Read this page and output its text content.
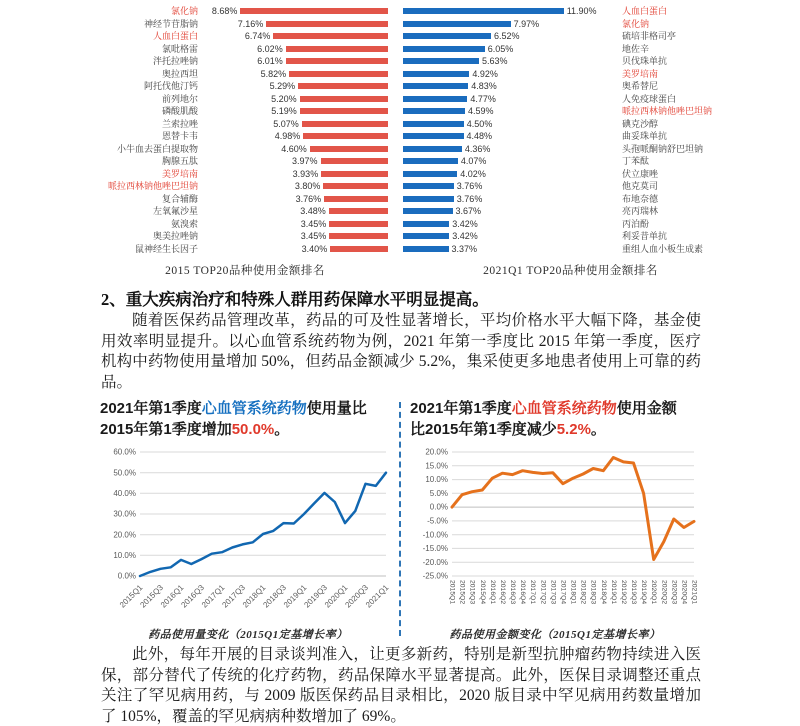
氯化钠	8.68%
神经节苷脂钠	7.16%
人血白蛋白	6.74%
氯吡格雷	6.02%
泮托拉唑钠	6.01%
奥拉西坦	5.82%
阿托伐他汀钙	5.29%
前列地尔	5.20%
磷酸肌酸	5.19%
兰索拉唑	5.07%
恩替卡韦	4.98%
小牛血去蛋白提取物	4.60%
胸腺五肽	3.97%
美罗培南	3.93%
哌拉西林钠他唑巴坦钠	3.80%
复合辅酶	3.76%
左氧氟沙星	3.48%
氨溴索	3.45%
奥美拉唑钠	3.45%
鼠神经生长因子	3.40%
11.90%	人血白蛋白
7.97%	氯化钠
6.52%	硫培非格司亭
6.05%	地佐辛
5.63%	贝伐珠单抗
4.92%	美罗培南
4.83%	奥希替尼
4.77%	人免疫球蛋白
4.59%	哌拉西林钠他唑巴坦钠
4.50%	碘克沙醇
4.48%	曲妥珠单抗
4.36%	头孢哌酮钠舒巴坦钠
4.07%	丁苯酞
4.02%	伏立康唑
3.76%	他克莫司
3.76%	布地奈德
3.67%	亮丙瑞林
3.42%	丙泊酚
3.42%	利妥昔单抗
3.37%	重组人血小板生成素
2015 TOP20品种使用金额排名	2021Q1 TOP20品种使用金额排名
2、重大疾病治疗和特殊人群用药保障水平明显提高。
随着医保药品管理改革，药品的可及性显著增长，平均价格水平大幅下降，基金使用效率明显提升。以心血管系统药物为例，2021 年第一季度比 2015 年第一季度，医疗机构中药物使用量增加 50%，但药品金额减少 5.2%，集采使更多地患者使用上可靠的药品。
2021年第1季度心血管系统药物使用量比2015年第1季度增加50.0%。
0.0%
10.0%
20.0%
30.0%
40.0%
50.0%
60.0%
2015Q1
2015Q3
2016Q1
2016Q3
2017Q1
2017Q3
2018Q1
2018Q3
2019Q1
2019Q3
2020Q1
2020Q3
2021Q1
药品使用量变化（2015Q1定基增长率）
2021年第1季度心血管系统药物使用金额比2015年第1季度减少5.2%。
-25.0%
-20.0%
-15.0%
-10.0%
-5.0%
0.0%
5.0%
10.0%
15.0%
20.0%
2015Q1 2015Q2 2015Q3 2015Q4 2016Q1 2016Q2 2016Q3 2016Q4 2017Q1 2017Q2 2017Q3 2017Q4 2018Q1 2018Q2 2018Q3 2018Q4 2019Q1 2019Q2 2019Q3 2019Q4 2020Q1 2020Q2 2020Q3 2020Q4 2021Q1
药品使用金额变化（2015Q1定基增长率）
此外，每年开展的目录谈判准入，让更多新药，特别是新型抗肿瘤药物持续进入医保，部分替代了传统的化疗药物，药品保障水平显著提高。此外，医保目录调整还重点关注了罕见病用药，与 2009 版医保药品目录相比，2020 版目录中罕见病用药数量增加了 105%，覆盖的罕见病病种数增加了 69%。
